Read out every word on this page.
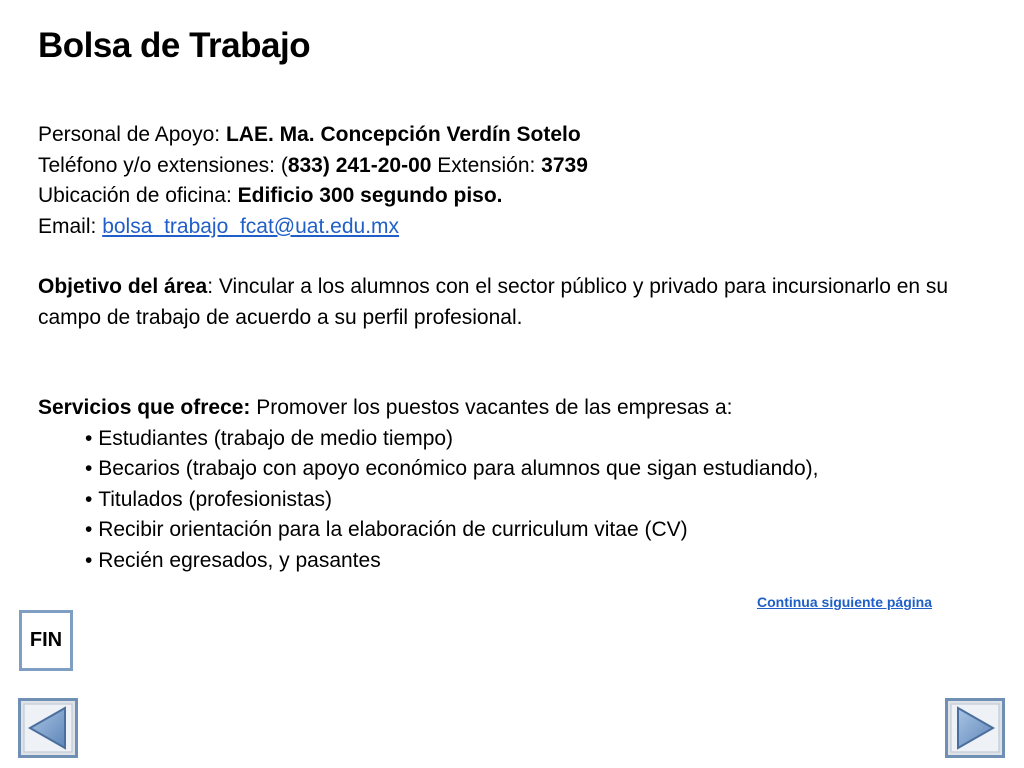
Bolsa de Trabajo

Personal de Apoyo: LAE. Ma. Concepción Verdín Sotelo

Teléfono y/o extensiones: (833) 241-20-00 Extensión: 3739

Ubicación de oficina: Edificio 300 segundo piso.

Email: bolsa_trabajo_fcat@uat.edu.mx

Objetivo del área: Vincular a los alumnos con el sector público y privado para incursionarlo en su campo de trabajo de acuerdo a su perfil profesional.

Servicios que ofrece: Promover los puestos vacantes de las empresas a:

• Estudiantes (trabajo de medio tiempo)
• Becarios (trabajo con apoyo económico para alumnos que sigan estudiando),
• Titulados (profesionistas)
• Recibir orientación para la elaboración de curriculum vitae (CV)
• Recién egresados, y pasantes
Continua siguiente página
FIN
